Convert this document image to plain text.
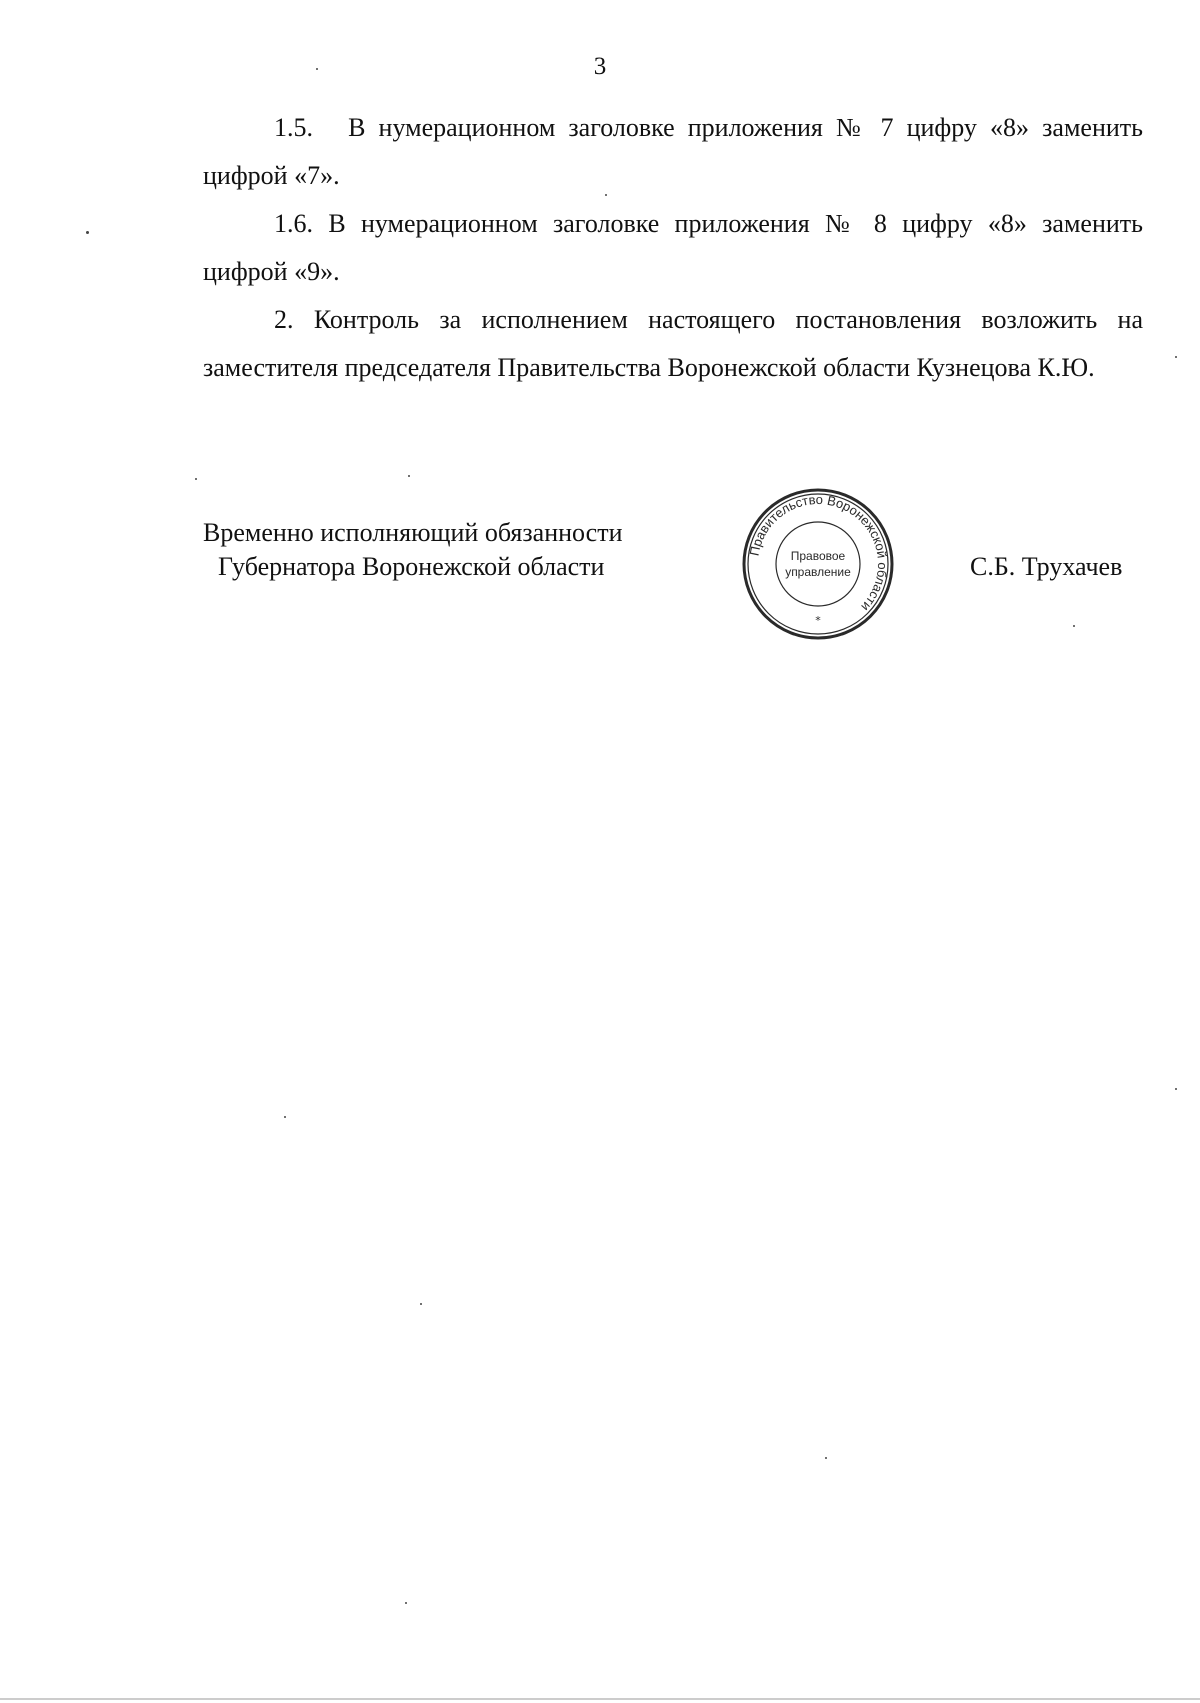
3

1.5. В нумерационном заголовке приложения № 7 цифру «8» заменить цифрой «7».

1.6. В нумерационном заголовке приложения № 8 цифру «8» заменить цифрой «9».

2. Контроль за исполнением настоящего постановления возложить на заместителя председателя Правительства Воронежской области Кузнецова К.Ю.

Временно исполняющий обязанности
Губернатора Воронежской области
Правительство Воронежской области
Правовое
управление
*
С.Б. Трухачев
